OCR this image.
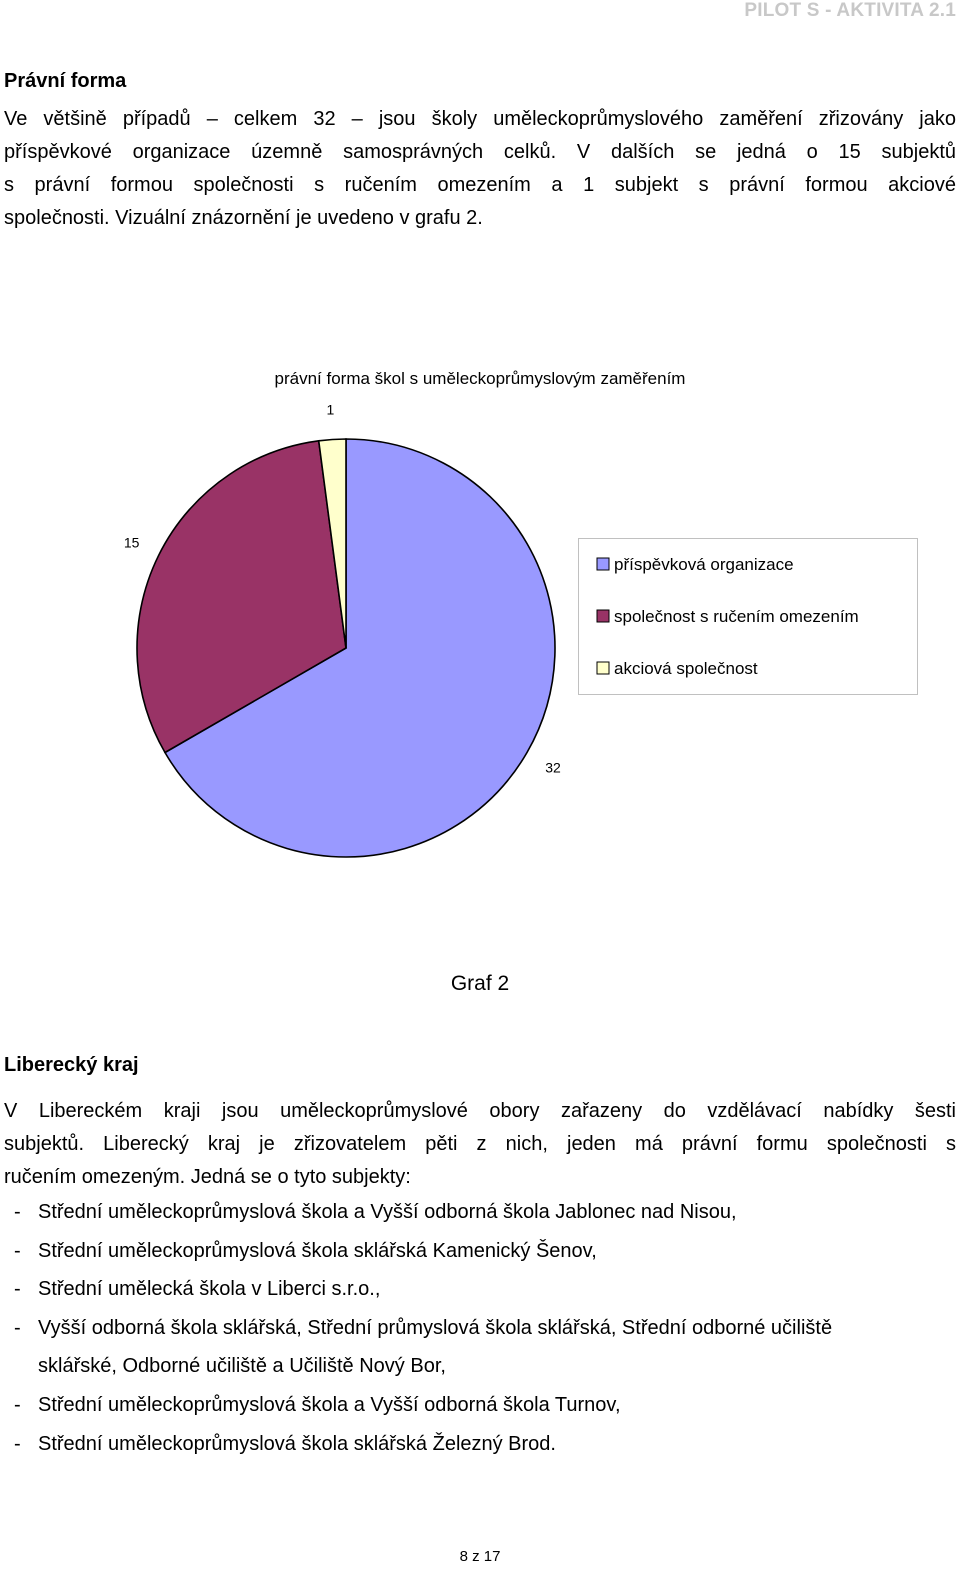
PILOT S - AKTIVITA 2.1
Právní forma
Ve většině případů – celkem 32 – jsou školy uměleckoprůmyslového zaměření zřizovány jako
příspěvkové organizace územně samosprávných celků. V dalších se jedná o 15 subjektů
s právní formou společnosti s ručením omezením a 1 subjekt s právní formou akciové
společnosti. Vizuální znázornění je uvedeno v grafu 2.
právní forma škol s uměleckoprůmyslovým zaměřením
32
15
1
příspěvková organizace
společnost s ručením omezením
akciová společnost
Graf 2
Liberecký kraj
V Libereckém kraji jsou uměleckoprůmyslové obory zařazeny do vzdělávací nabídky šesti
subjektů. Liberecký kraj je zřizovatelem pěti z nich, jeden má právní formu společnosti s
ručením omezeným. Jedná se o tyto subjekty:
- Střední uměleckoprůmyslová škola a Vyšší odborná škola Jablonec nad Nisou,
- Střední uměleckoprůmyslová škola sklářská Kamenický Šenov,
- Střední umělecká škola v Liberci s.r.o.,
- Vyšší odborná škola sklářská, Střední průmyslová škola sklářská, Střední odborné učiliště
sklářské, Odborné učiliště a Učiliště Nový Bor,
- Střední uměleckoprůmyslová škola a Vyšší odborná škola Turnov,
- Střední uměleckoprůmyslová škola sklářská Železný Brod.
8 z 17
